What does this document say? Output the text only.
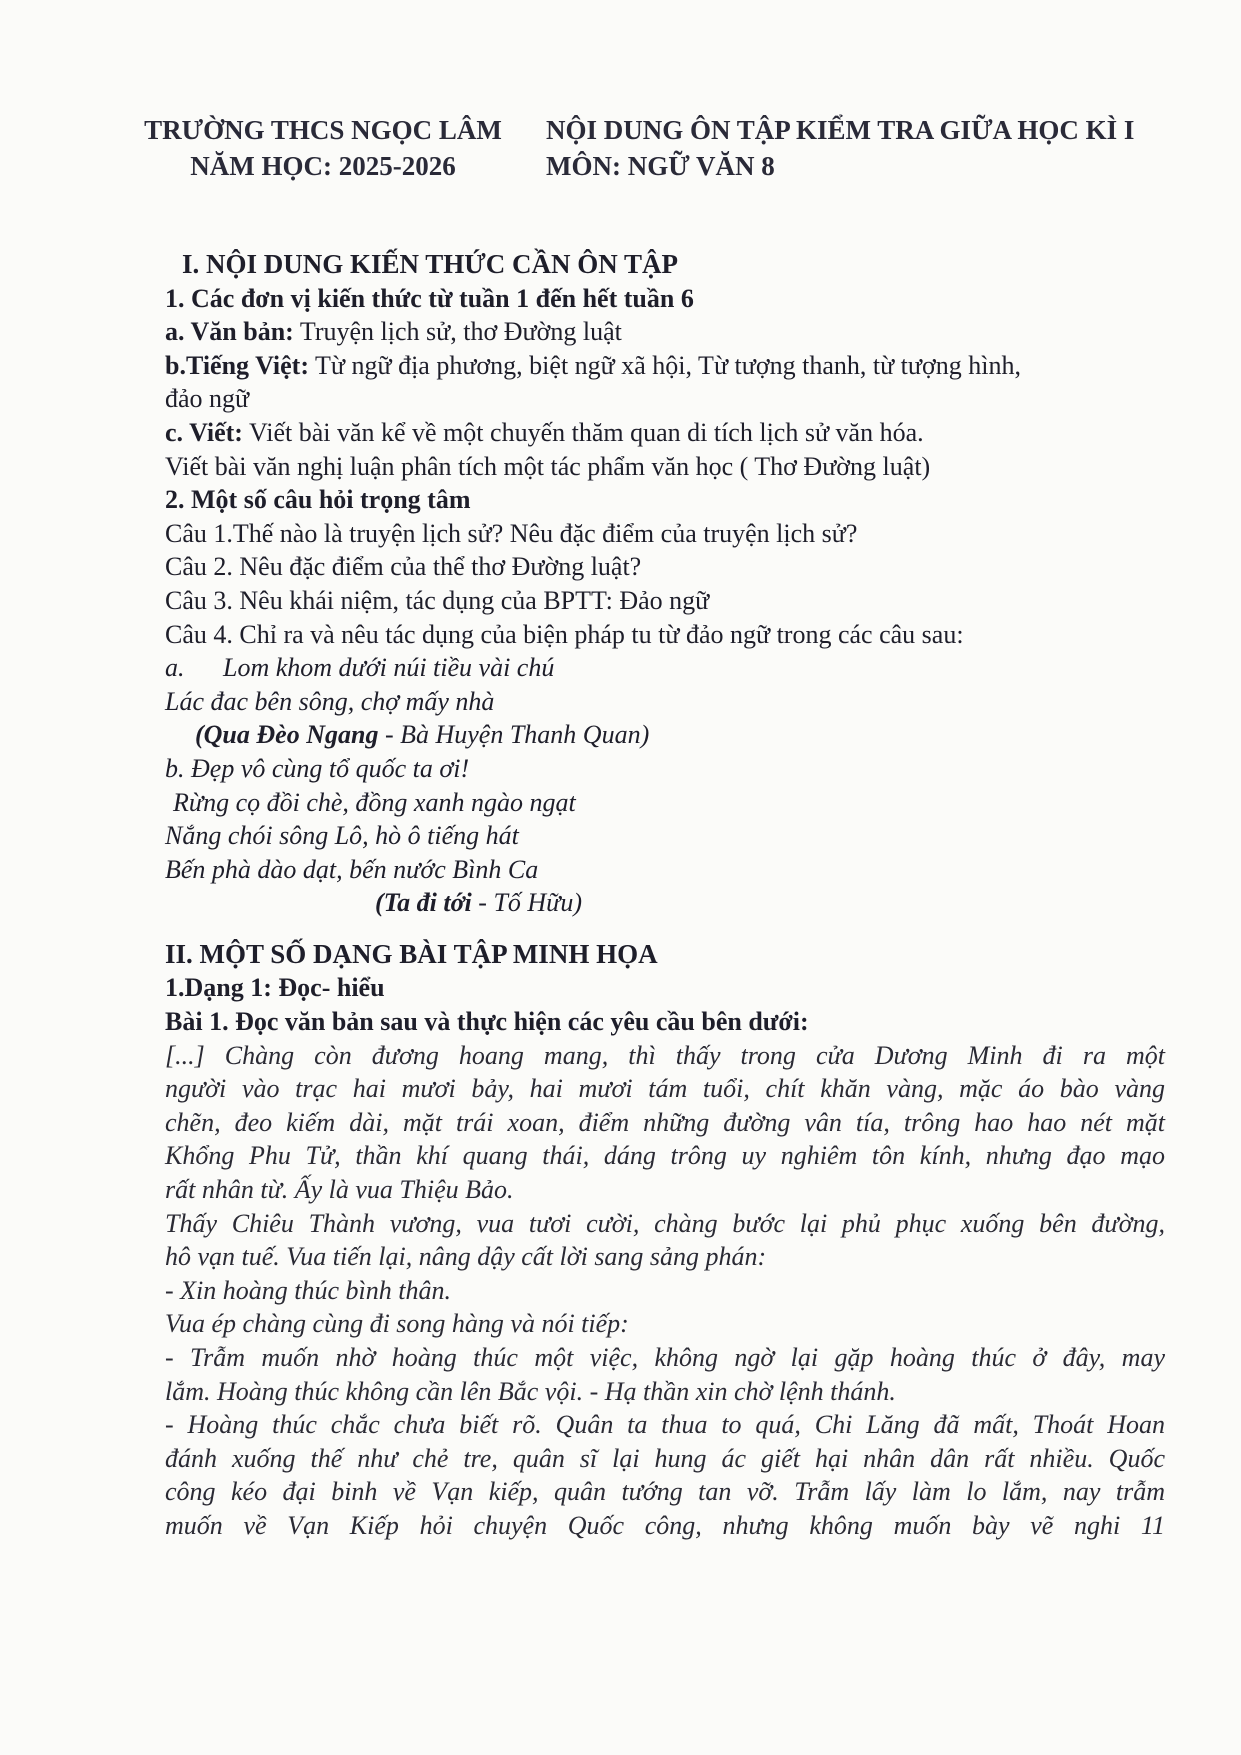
TRƯỜNG THCS NGỌC LÂM
NĂM HỌC: 2025-2026
NỘI DUNG ÔN TẬP KIỂM TRA GIỮA HỌC KÌ I
MÔN: NGỮ VĂN 8
I. NỘI DUNG KIẾN THỨC CẦN ÔN TẬP
1. Các đơn vị kiến thức từ tuần 1 đến hết tuần 6
a. Văn bản: Truyện lịch sử, thơ Đường luật
b.Tiếng Việt: Từ ngữ địa phương, biệt ngữ xã hội, Từ tượng thanh, từ tượng hình,
đảo ngữ
c. Viết: Viết bài văn kể về một chuyến thăm quan di tích lịch sử văn hóa.
Viết bài văn nghị luận phân tích một tác phẩm văn học ( Thơ Đường luật)
2. Một số câu hỏi trọng tâm
Câu 1.Thế nào là truyện lịch sử? Nêu đặc điểm của truyện lịch sử?
Câu 2. Nêu đặc điểm của thể thơ Đường luật?
Câu 3. Nêu khái niệm, tác dụng của BPTT: Đảo ngữ
Câu 4. Chỉ ra và nêu tác dụng của biện pháp tu từ đảo ngữ trong các câu sau:
a. Lom khom dưới núi tiều vài chú
Lác đac bên sông, chợ mấy nhà
(Qua Đèo Ngang - Bà Huyện Thanh Quan)
b. Đẹp vô cùng tổ quốc ta ơi!
Rừng cọ đồi chè, đồng xanh ngào ngạt
Nắng chói sông Lô, hò ô tiếng hát
Bến phà dào dạt, bến nước Bình Ca
(Ta đi tới - Tố Hữu)
II. MỘT SỐ DẠNG BÀI TẬP MINH HỌA
1.Dạng 1: Đọc- hiểu
Bài 1. Đọc văn bản sau và thực hiện các yêu cầu bên dưới:
[...] Chàng còn đương hoang mang, thì thấy trong cửa Dương Minh đi ra một
người vào trạc hai mươi bảy, hai mươi tám tuổi, chít khăn vàng, mặc áo bào vàng
chẽn, đeo kiếm dài, mặt trái xoan, điểm những đường vân tía, trông hao hao nét mặt
Khổng Phu Tử, thần khí quang thái, dáng trông uy nghiêm tôn kính, nhưng đạo mạo
rất nhân từ. Ấy là vua Thiệu Bảo.
Thấy Chiêu Thành vương, vua tươi cười, chàng bước lại phủ phục xuống bên đường,
hô vạn tuế. Vua tiến lại, nâng dậy cất lời sang sảng phán:
- Xin hoàng thúc bình thân.
Vua ép chàng cùng đi song hàng và nói tiếp:
- Trẫm muốn nhờ hoàng thúc một việc, không ngờ lại gặp hoàng thúc ở đây, may
lắm. Hoàng thúc không cần lên Bắc vội. - Hạ thần xin chờ lệnh thánh.
- Hoàng thúc chắc chưa biết rõ. Quân ta thua to quá, Chi Lăng đã mất, Thoát Hoan
đánh xuống thế như chẻ tre, quân sĩ lại hung ác giết hại nhân dân rất nhiều. Quốc
công kéo đại binh về Vạn kiếp, quân tướng tan vỡ. Trẫm lấy làm lo lắm, nay trẫm
muốn về Vạn Kiếp hỏi chuyện Quốc công, nhưng không muốn bày vẽ nghi 11
